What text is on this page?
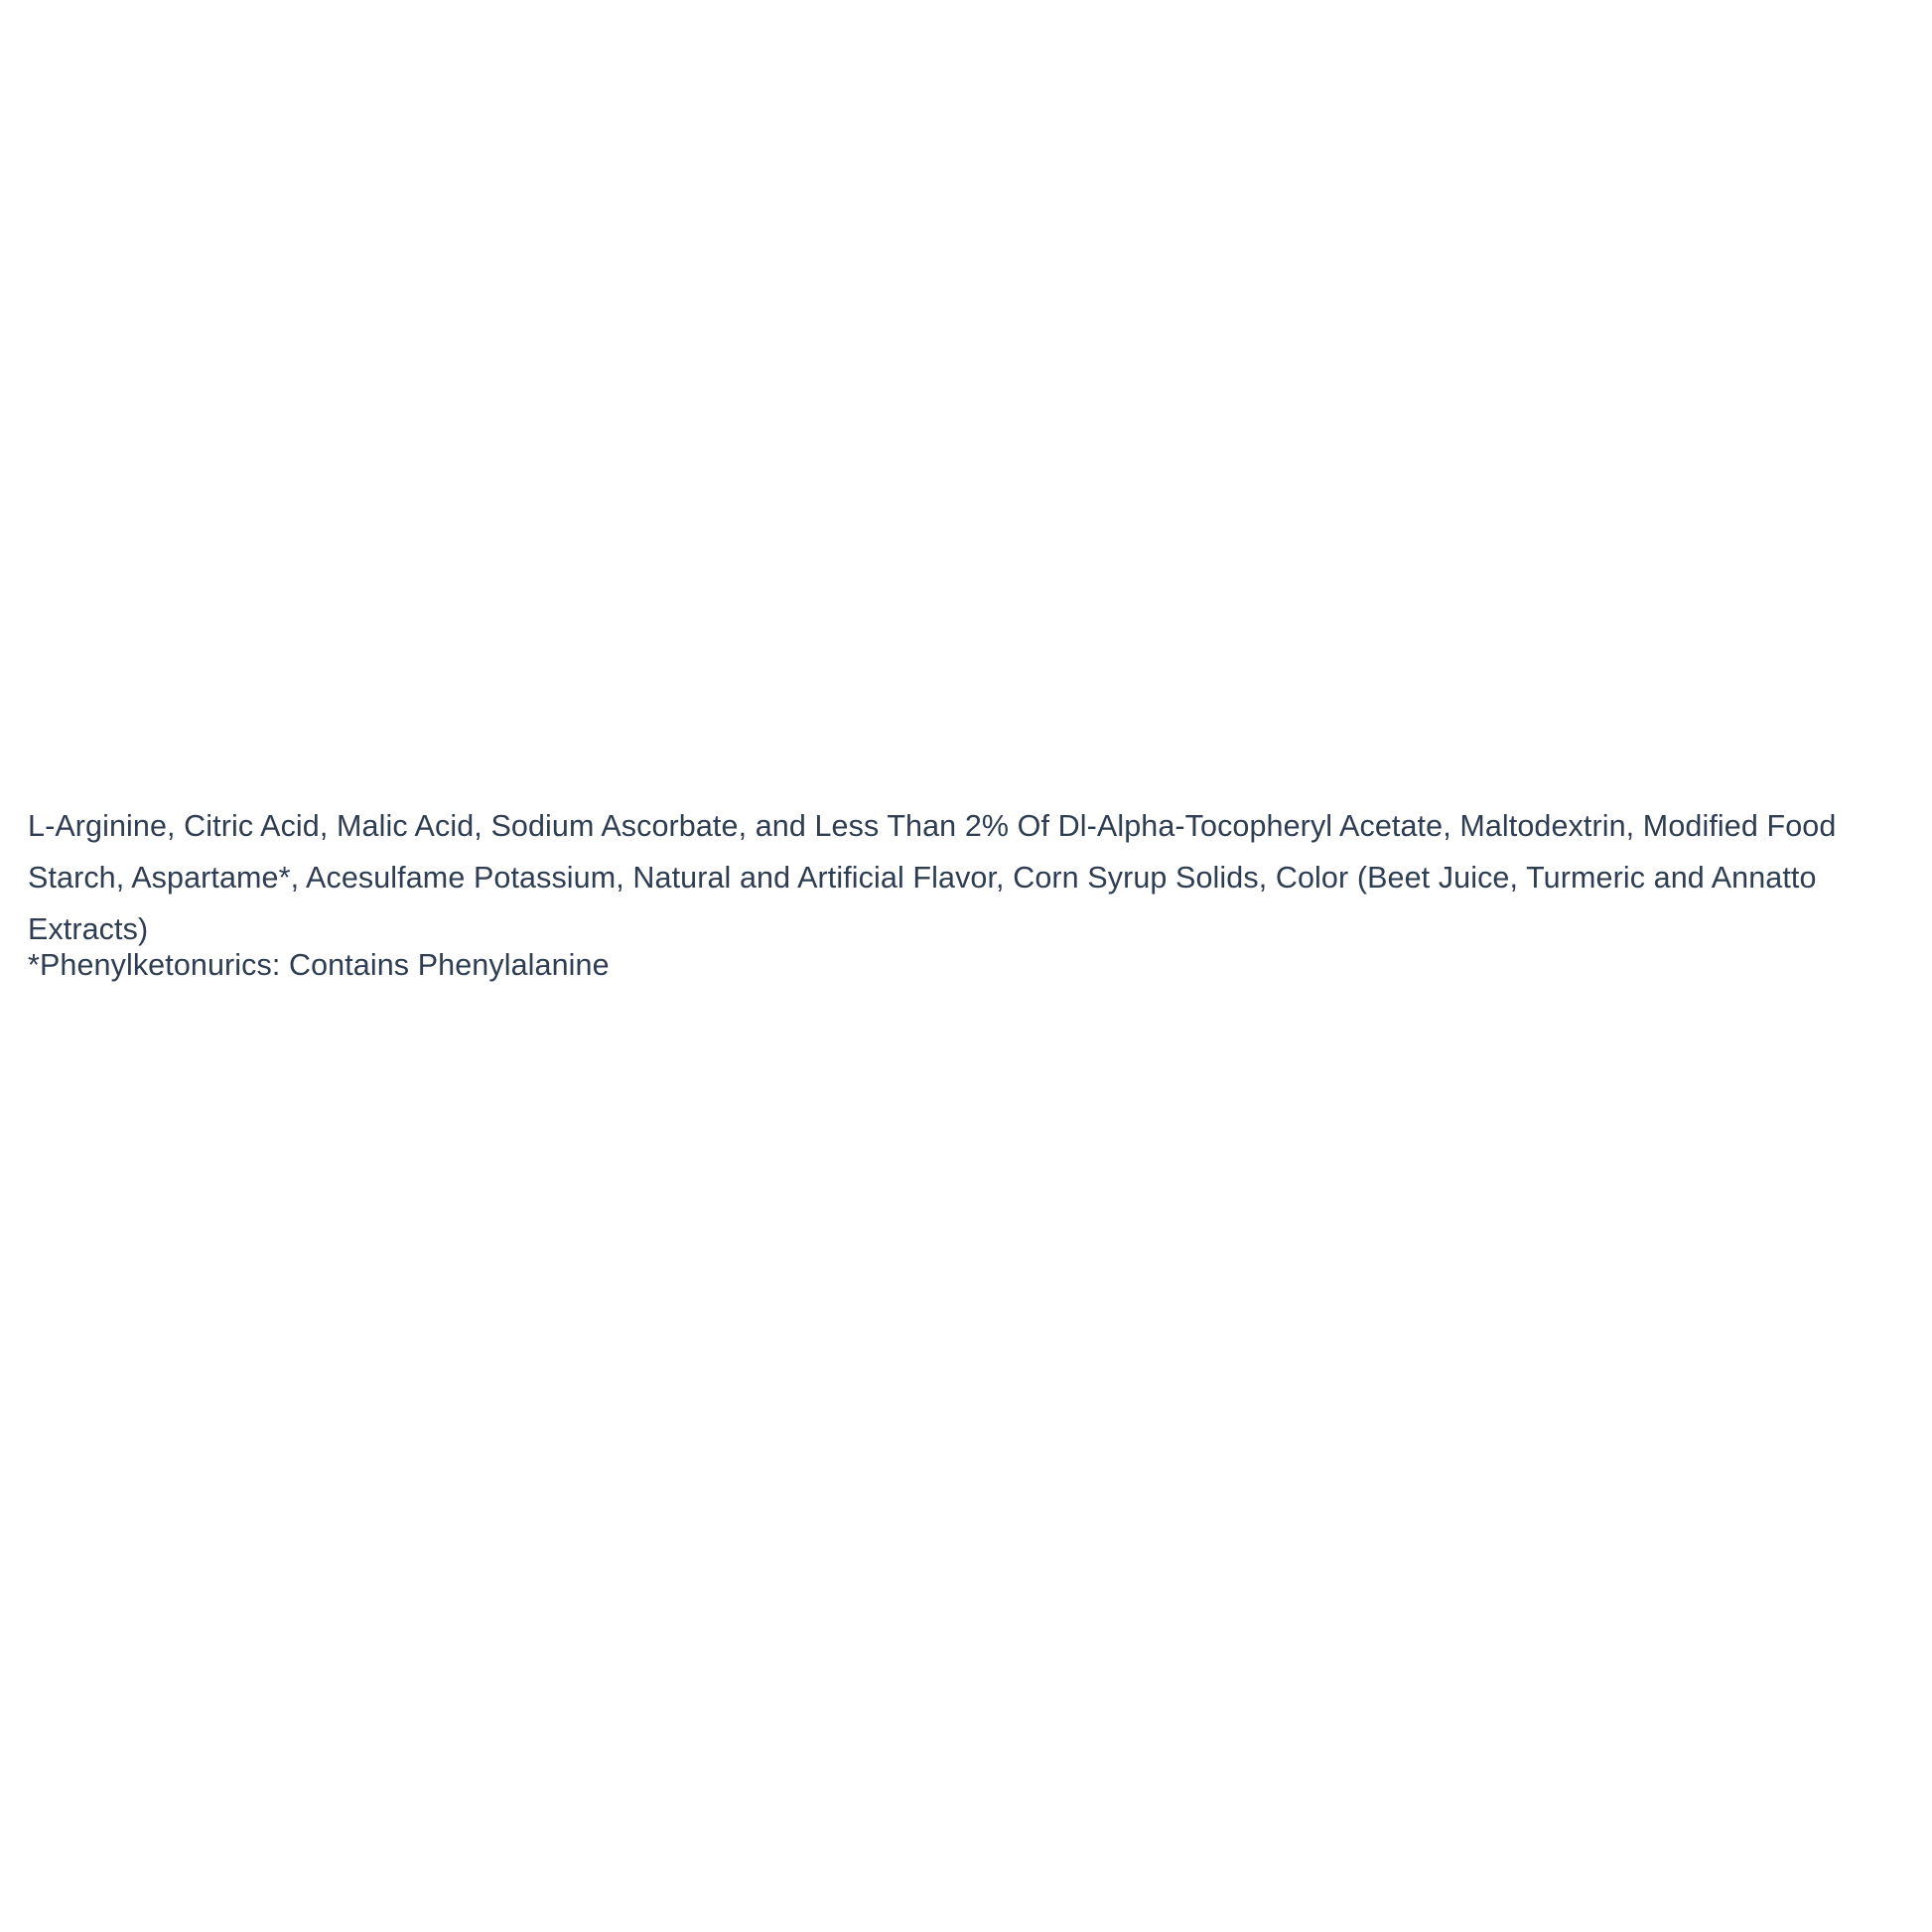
L-Arginine, Citric Acid, Malic Acid, Sodium Ascorbate, and Less Than 2% Of Dl-Alpha-Tocopheryl Acetate, Maltodextrin, Modified Food Starch, Aspartame*, Acesulfame Potassium, Natural and Artificial Flavor, Corn Syrup Solids, Color (Beet Juice, Turmeric and Annatto Extracts)

*Phenylketonurics: Contains Phenylalanine
